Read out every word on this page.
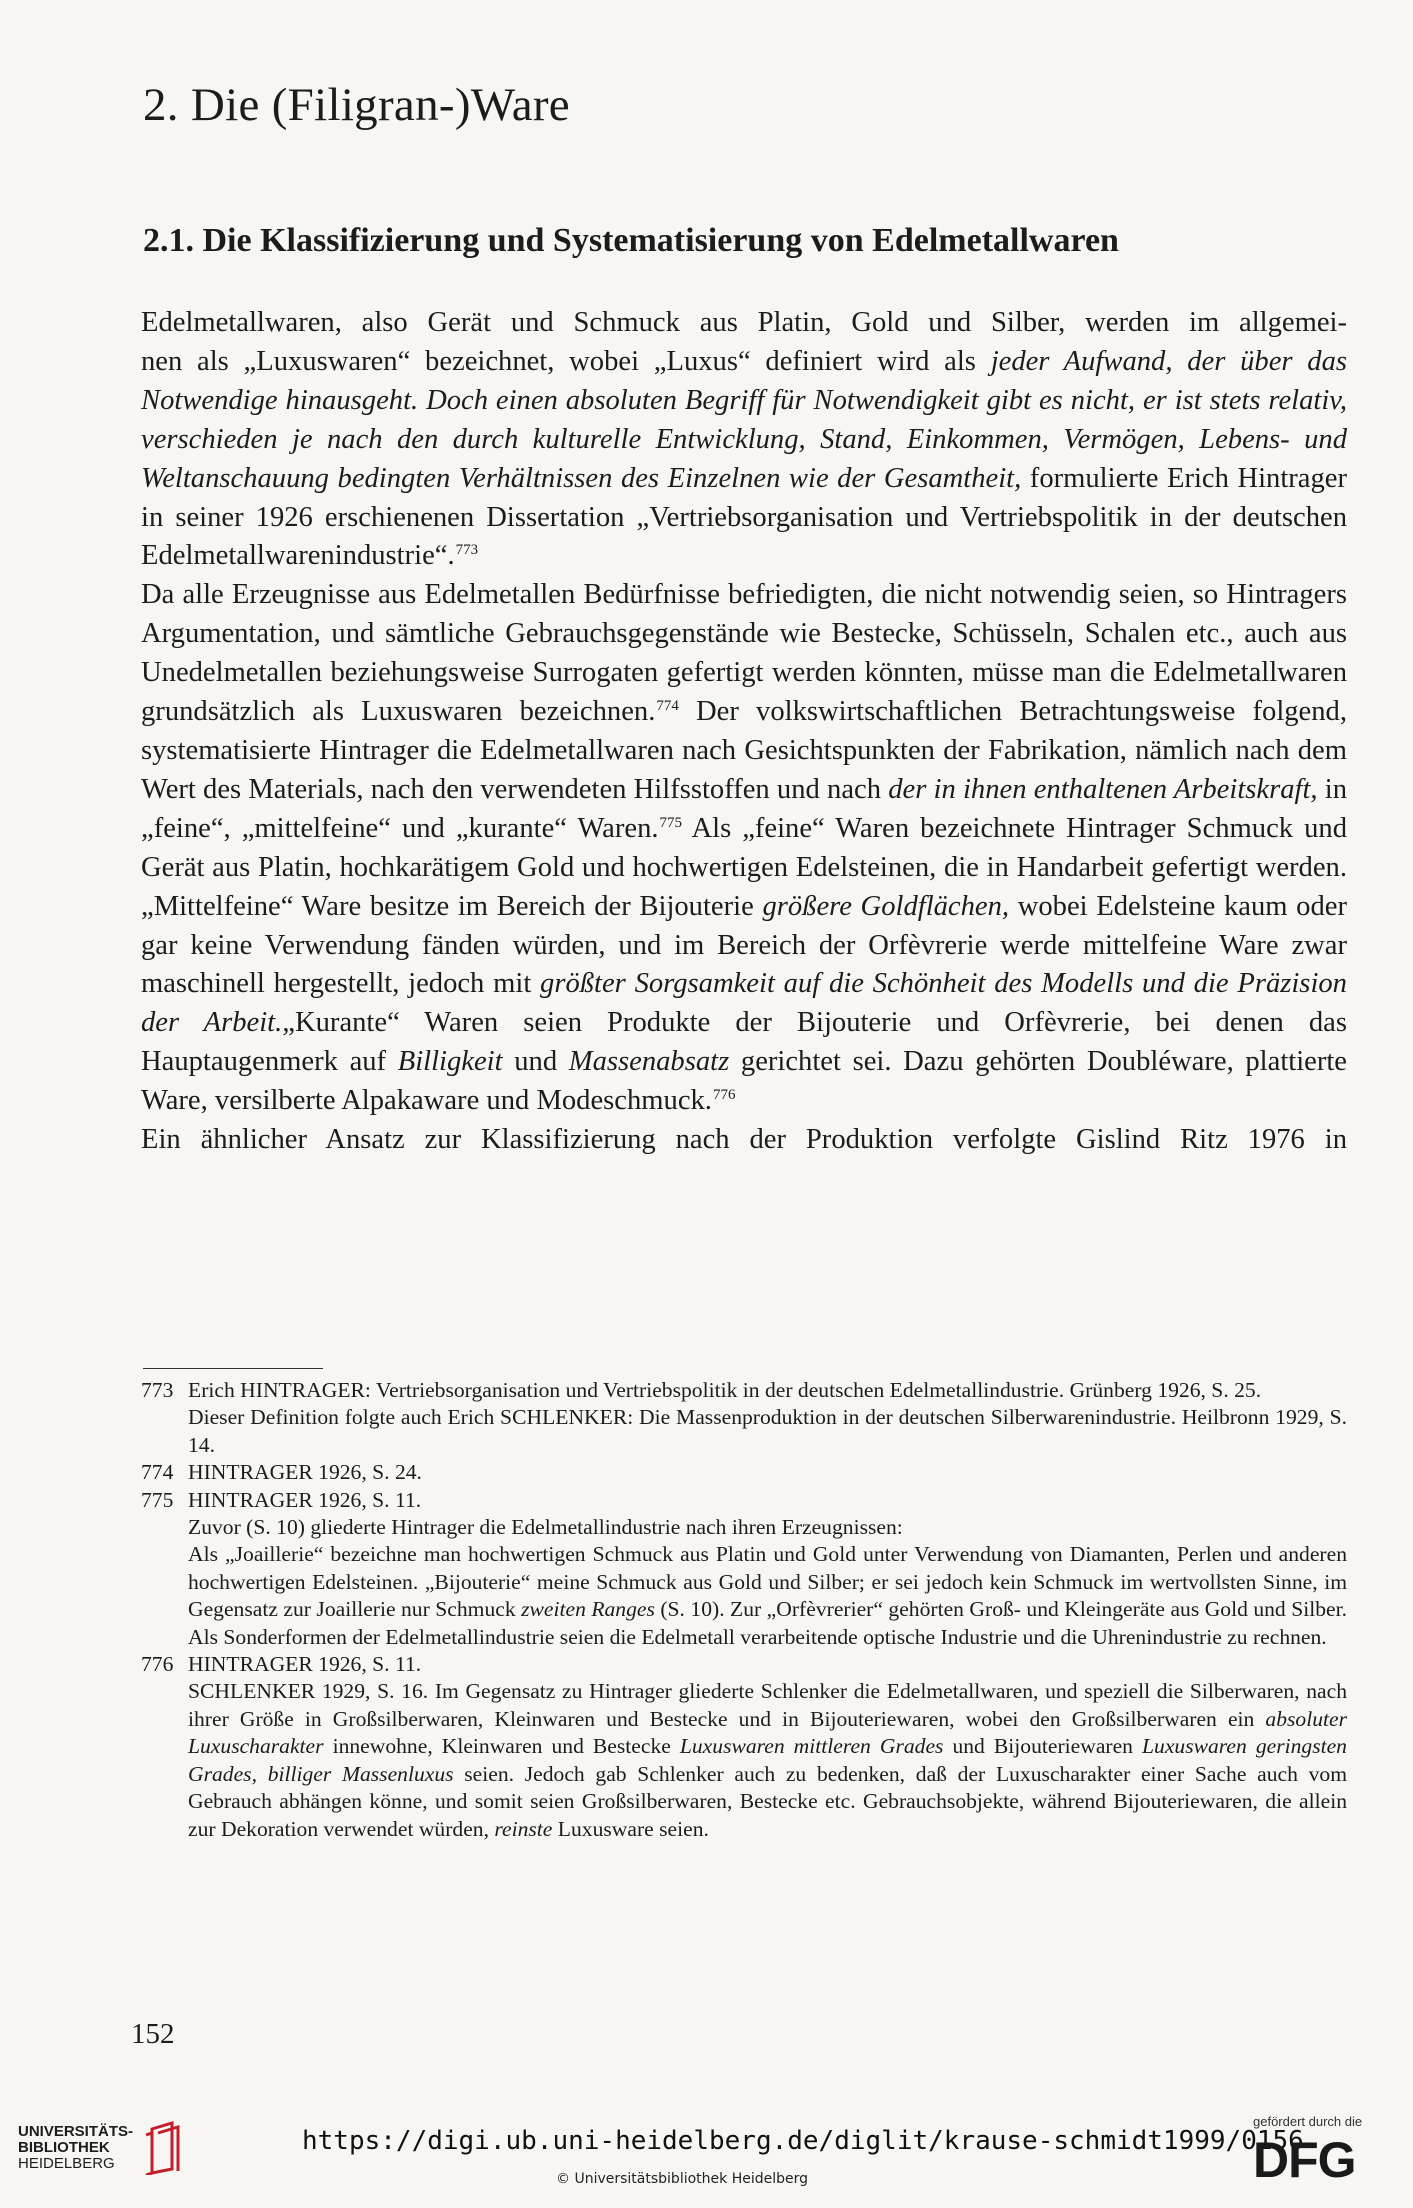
2. Die (Filigran-)Ware
2.1. Die Klassifizierung und Systematisierung von Edelmetallwaren

Edelmetallwaren, also Gerät und Schmuck aus Platin, Gold und Silber, werden im allgemei-
nen als „Luxuswaren“ bezeichnet, wobei „Luxus“ definiert wird als jeder Aufwand, der über das Notwendige hinausgeht. Doch einen absoluten Begriff für Notwendigkeit gibt es nicht, er ist stets relativ, verschieden je nach den durch kulturelle Entwicklung, Stand, Einkommen, Vermögen, Lebens- und Weltanschauung bedingten Verhältnissen des Einzelnen wie der Gesamtheit, formulierte Erich Hintrager in seiner 1926 erschienenen Dissertation „Vertriebsorganisation und Vertriebspolitik in der deutschen Edelmetallwarenindustrie“.$^{773}$

Da alle Erzeugnisse aus Edelmetallen Bedürfnisse befriedigten, die nicht notwendig seien, so Hintragers Argumentation, und sämtliche Gebrauchsgegenstände wie Bestecke, Schüsseln, Schalen etc., auch aus Unedelmetallen beziehungsweise Surrogaten gefertigt werden könnten, müsse man die Edelmetallwaren grundsätzlich als Luxuswaren bezeichnen.$^{774}$ Der volkswirtschaftlichen Betrachtungsweise folgend, systematisierte Hintrager die Edelmetallwaren nach Gesichtspunkten der Fabrikation, nämlich nach dem Wert des Materials, nach den verwendeten Hilfsstoffen und nach der in ihnen enthaltenen Arbeitskraft, in „feine“, „mittelfeine“ und „kurante“ Waren.$^{775}$ Als „feine“ Waren bezeichnete Hintrager Schmuck und Gerät aus Platin, hochkarätigem Gold und hochwertigen Edelsteinen, die in Handarbeit gefertigt werden. „Mittelfeine“ Ware besitze im Bereich der Bijouterie größere Goldflächen, wobei Edelsteine kaum oder gar keine Verwendung fänden würden, und im Bereich der Orfèvrerie werde mittelfeine Ware zwar maschinell hergestellt, jedoch mit größter Sorgsamkeit auf die Schönheit des Modells und die Präzision der Arbeit.„Kurante“ Waren seien Produkte der Bijouterie und Orfèvrerie, bei denen das Hauptaugenmerk auf Billigkeit und Massenabsatz gerichtet sei. Dazu gehörten Doubléware, plattierte Ware, versilberte Alpakaware und Modeschmuck.$^{776}$

Ein ähnlicher Ansatz zur Klassifizierung nach der Produktion verfolgte Gislind Ritz 1976 in

773 Erich HINTRAGER: Vertriebsorganisation und Vertriebspolitik in der deutschen Edelmetallindustrie. Grünberg 1926, S. 25.
Dieser Definition folgte auch Erich SCHLENKER: Die Massenproduktion in der deutschen Silberwarenindustrie. Heilbronn 1929, S. 14.
774 HINTRAGER 1926, S. 24.
775 HINTRAGER 1926, S. 11.
Zuvor (S. 10) gliederte Hintrager die Edelmetallindustrie nach ihren Erzeugnissen:
Als „Joaillerie“ bezeichne man hochwertigen Schmuck aus Platin und Gold unter Verwendung von Diamanten, Perlen und anderen hochwertigen Edelsteinen. „Bijouterie“ meine Schmuck aus Gold und Silber; er sei jedoch kein Schmuck im wertvollsten Sinne, im Gegensatz zur Joaillerie nur Schmuck zweiten Ranges (S. 10). Zur „Orfèvrerier“ gehörten Groß- und Kleingeräte aus Gold und Silber. Als Sonderformen der Edelmetallindustrie seien die Edelmetall verarbeitende optische Industrie und die Uhrenindustrie zu rechnen.
776 HINTRAGER 1926, S. 11.
SCHLENKER 1929, S. 16. Im Gegensatz zu Hintrager gliederte Schlenker die Edelmetallwaren, und speziell die Silberwaren, nach ihrer Größe in Großsilberwaren, Kleinwaren und Bestecke und in Bijouteriewaren, wobei den Großsilberwaren ein absoluter Luxuscharakter innewohne, Kleinwaren und Bestecke Luxuswaren mittleren Grades und Bijouteriewaren Luxuswaren geringsten Grades, billiger Massenluxus seien. Jedoch gab Schlenker auch zu bedenken, daß der Luxuscharakter einer Sache auch vom Gebrauch abhängen könne, und somit seien Großsilberwaren, Bestecke etc. Gebrauchsobjekte, während Bijouteriewaren, die allein zur Dekoration verwendet würden, reinste Luxusware seien.
152
UNIVERSITÄTS-
BIBLIOTHEK
HEIDELBERG
https://digi.ub.uni-heidelberg.de/diglit/krause-schmidt1999/0156
© Universitätsbibliothek Heidelberg
gefördert durch die
DFG
